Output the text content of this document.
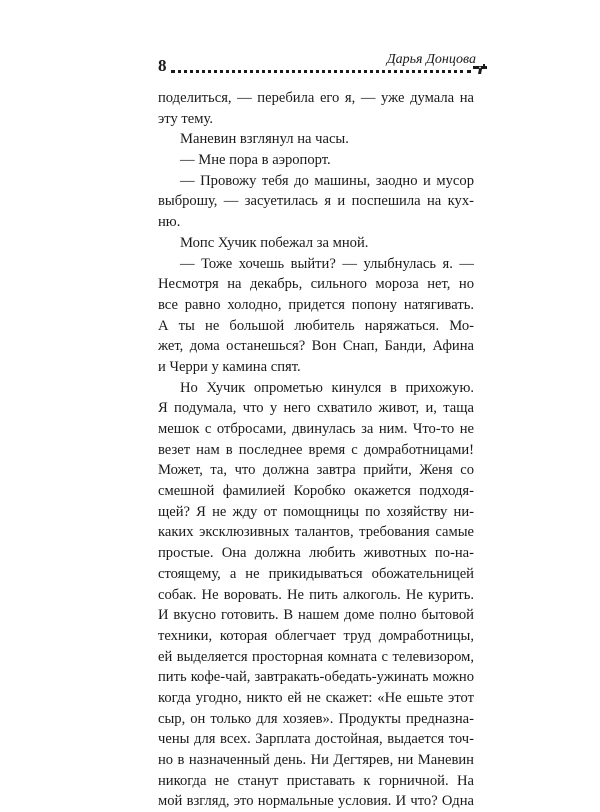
8	Дарья Донцова
поделиться, — перебила его я, — уже думала на
эту тему.
Маневин взглянул на часы.
— Мне пора в аэропорт.
— Провожу тебя до машины, заодно и мусор
выброшу, — засуетилась я и поспешила на кух-
ню.
Мопс Хучик побежал за мной.
— Тоже хочешь выйти? — улыбнулась я. —
Несмотря на декабрь, сильного мороза нет, но
все равно холодно, придется попону натягивать.
А ты не большой любитель наряжаться. Мо-
жет, дома останешься? Вон Снап, Банди, Афина
и Черри у камина спят.
Но Хучик опрометью кинулся в прихожую.
Я подумала, что у него схватило живот, и, таща
мешок с отбросами, двинулась за ним. Что-то не
везет нам в последнее время с домработницами!
Может, та, что должна завтра прийти, Женя со
смешной фамилией Коробко окажется подходя-
щей? Я не жду от помощницы по хозяйству ни-
каких эксклюзивных талантов, требования самые
простые. Она должна любить животных по-на-
стоящему, а не прикидываться обожательницей
собак. Не воровать. Не пить алкоголь. Не курить.
И вкусно готовить. В нашем доме полно бытовой
техники, которая облегчает труд домработницы,
ей выделяется просторная комната с телевизором,
пить кофе-чай, завтракать-обедать-ужинать можно
когда угодно, никто ей не скажет: «Не ешьте этот
сыр, он только для хозяев». Продукты предназна-
чены для всех. Зарплата достойная, выдается точ-
но в назначенный день. Ни Дегтярев, ни Маневин
никогда не станут приставать к горничной. На
мой взгляд, это нормальные условия. И что? Одна
